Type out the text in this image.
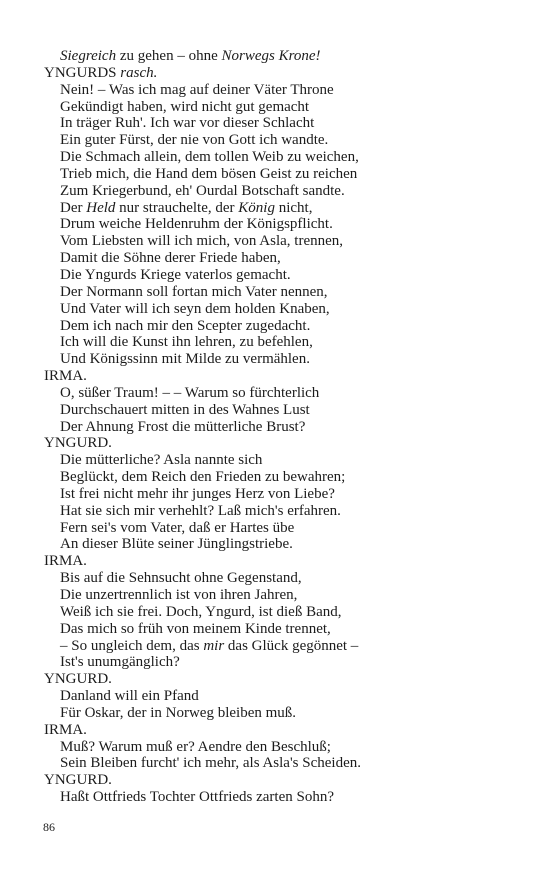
Siegreich zu gehen – ohne Norwegs Krone!
YNGURDS rasch.
Nein! – Was ich mag auf deiner Väter Throne
Gekündigt haben, wird nicht gut gemacht
In träger Ruh'. Ich war vor dieser Schlacht
Ein guter Fürst, der nie von Gott ich wandte.
Die Schmach allein, dem tollen Weib zu weichen,
Trieb mich, die Hand dem bösen Geist zu reichen
Zum Kriegerbund, eh' Ourdal Botschaft sandte.
Der Held nur strauchelte, der König nicht,
Drum weiche Heldenruhm der Königspflicht.
Vom Liebsten will ich mich, von Asla, trennen,
Damit die Söhne derer Friede haben,
Die Yngurds Kriege vaterlos gemacht.
Der Normann soll fortan mich Vater nennen,
Und Vater will ich seyn dem holden Knaben,
Dem ich nach mir den Scepter zugedacht.
Ich will die Kunst ihn lehren, zu befehlen,
Und Königssinn mit Milde zu vermählen.
IRMA.
O, süßer Traum! – – Warum so fürchterlich
Durchschauert mitten in des Wahnes Lust
Der Ahnung Frost die mütterliche Brust?
YNGURD.
Die mütterliche? Asla nannte sich
Beglückt, dem Reich den Frieden zu bewahren;
Ist frei nicht mehr ihr junges Herz von Liebe?
Hat sie sich mir verhehlt? Laß mich's erfahren.
Fern sei's vom Vater, daß er Hartes übe
An dieser Blüte seiner Jünglingstriebe.
IRMA.
Bis auf die Sehnsucht ohne Gegenstand,
Die unzertrennlich ist von ihren Jahren,
Weiß ich sie frei. Doch, Yngurd, ist dieß Band,
Das mich so früh von meinem Kinde trennet,
– So ungleich dem, das mir das Glück gegönnet –
Ist's unumgänglich?
YNGURD.
Danland will ein Pfand
Für Oskar, der in Norweg bleiben muß.
IRMA.
Muß? Warum muß er? Aendre den Beschluß;
Sein Bleiben furcht' ich mehr, als Asla's Scheiden.
YNGURD.
Haßt Ottfrieds Tochter Ottfrieds zarten Sohn?
86
